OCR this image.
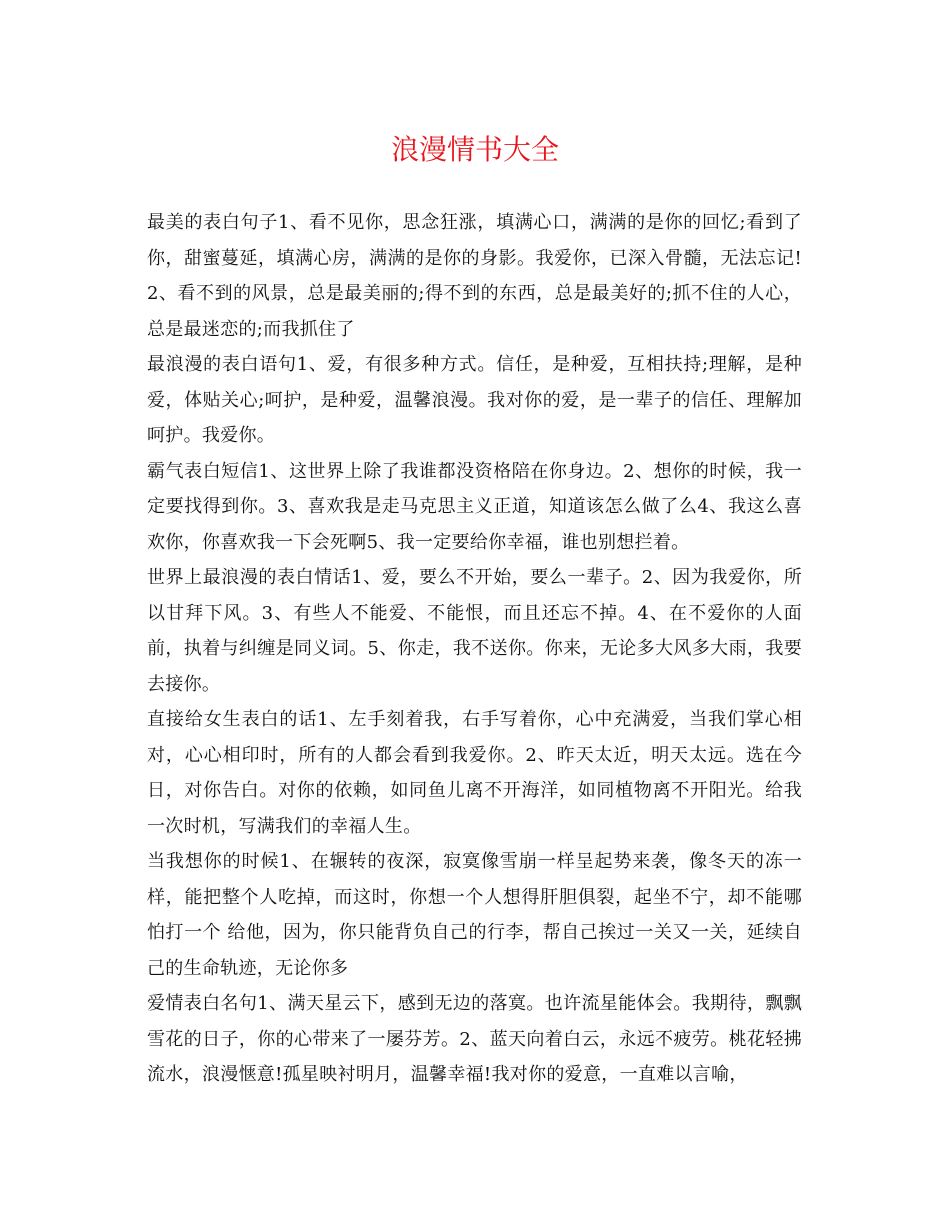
浪漫情书大全

最美的表白句子1、看不见你，思念狂涨，填满心口，满满的是你的回忆;看到了你，甜蜜蔓延，填满心房，满满的是你的身影。我爱你，已深入骨髓，无法忘记!2、看不到的风景，总是最美丽的;得不到的东西，总是最美好的;抓不住的人心，总是最迷恋的;而我抓住了

最浪漫的表白语句1、爱，有很多种方式。信任，是种爱，互相扶持;理解，是种爱，体贴关心;呵护，是种爱，温馨浪漫。我对你的爱，是一辈子的信任、理解加呵护。我爱你。

霸气表白短信1、这世界上除了我谁都没资格陪在你身边。2、想你的时候，我一定要找得到你。3、喜欢我是走马克思主义正道，知道该怎么做了么4、我这么喜欢你，你喜欢我一下会死啊5、我一定要给你幸福，谁也别想拦着。

世界上最浪漫的表白情话1、爱，要么不开始，要么一辈子。2、因为我爱你，所以甘拜下风。3、有些人不能爱、不能恨，而且还忘不掉。4、在不爱你的人面前，执着与纠缠是同义词。5、你走，我不送你。你来，无论多大风多大雨，我要去接你。

直接给女生表白的话1、左手刻着我，右手写着你，心中充满爱，当我们掌心相对，心心相印时，所有的人都会看到我爱你。2、昨天太近，明天太远。选在今日，对你告白。对你的依赖，如同鱼儿离不开海洋，如同植物离不开阳光。给我一次时机，写满我们的幸福人生。

当我想你的时候1、在辗转的夜深，寂寞像雪崩一样呈起势来袭，像冬天的冻一样，能把整个人吃掉，而这时，你想一个人想得肝胆俱裂，起坐不宁，却不能哪怕打一个 给他，因为，你只能背负自己的行李，帮自己挨过一关又一关，延续自己的生命轨迹，无论你多

爱情表白名句1、满天星云下，感到无边的落寞。也许流星能体会。我期待，飘飘雪花的日子，你的心带来了一屡芬芳。2、蓝天向着白云，永远不疲劳。桃花轻拂流水，浪漫惬意!孤星映衬明月，温馨幸福!我对你的爱意，一直难以言喻，
